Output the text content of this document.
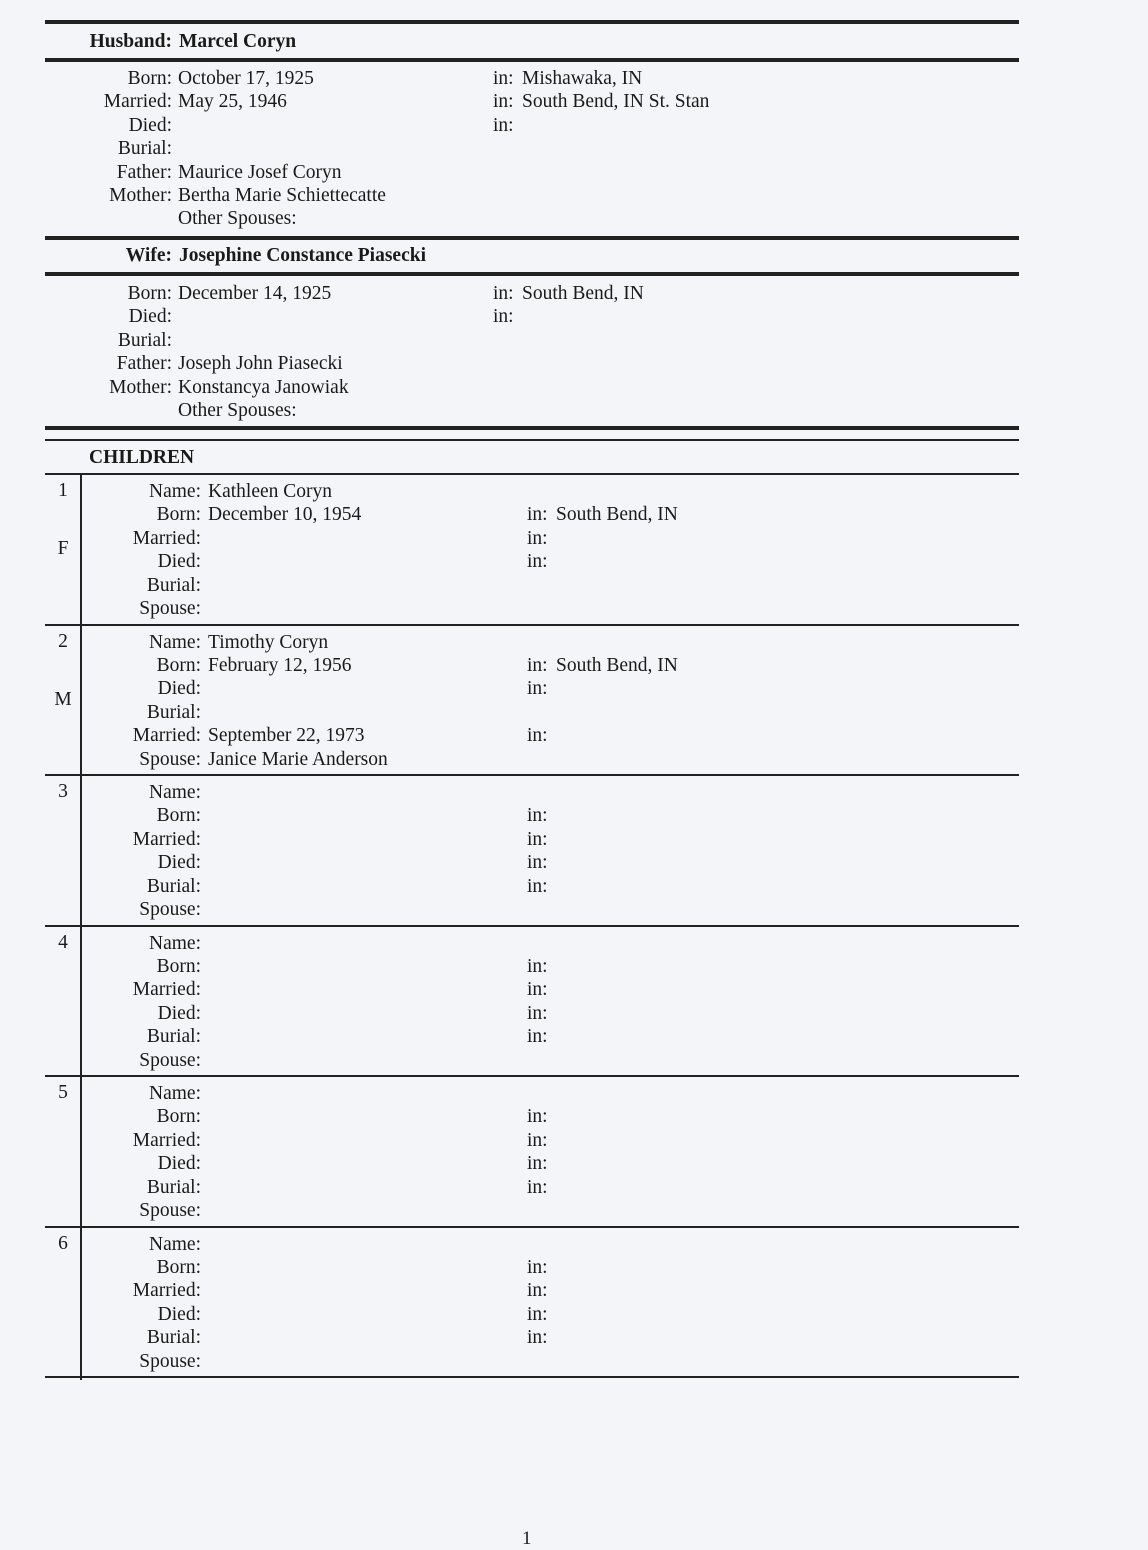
Husband: Marcel Coryn
Born: October 17, 1925	in: Mishawaka, IN
Married: May 25, 1946	in: South Bend, IN St. Stan
Died:	in:
Burial:
Father: Maurice Josef Coryn
Mother: Bertha Marie Schiettecatte
Other Spouses:
Wife: Josephine Constance Piasecki
Born: December 14, 1925	in: South Bend, IN
Died:	in:
Burial:
Father: Joseph John Piasecki
Mother: Konstancya Janowiak
Other Spouses:
CHILDREN
1
F
Name: Kathleen Coryn
Born: December 10, 1954	in: South Bend, IN
Married:	in:
Died:	in:
Burial:
Spouse:
2
M
Name: Timothy Coryn
Born: February 12, 1956	in: South Bend, IN
Died:	in:
Burial:
Married: September 22, 1973	in:
Spouse: Janice Marie Anderson
3	Name:
Born:	in:
Married:	in:
Died:	in:
Burial:	in:
Spouse:
4	Name:
Born:	in:
Married:	in:
Died:	in:
Burial:	in:
Spouse:
5	Name:
Born:	in:
Married:	in:
Died:	in:
Burial:	in:
Spouse:
6	Name:
Born:	in:
Married:	in:
Died:	in:
Burial:	in:
Spouse:
1
